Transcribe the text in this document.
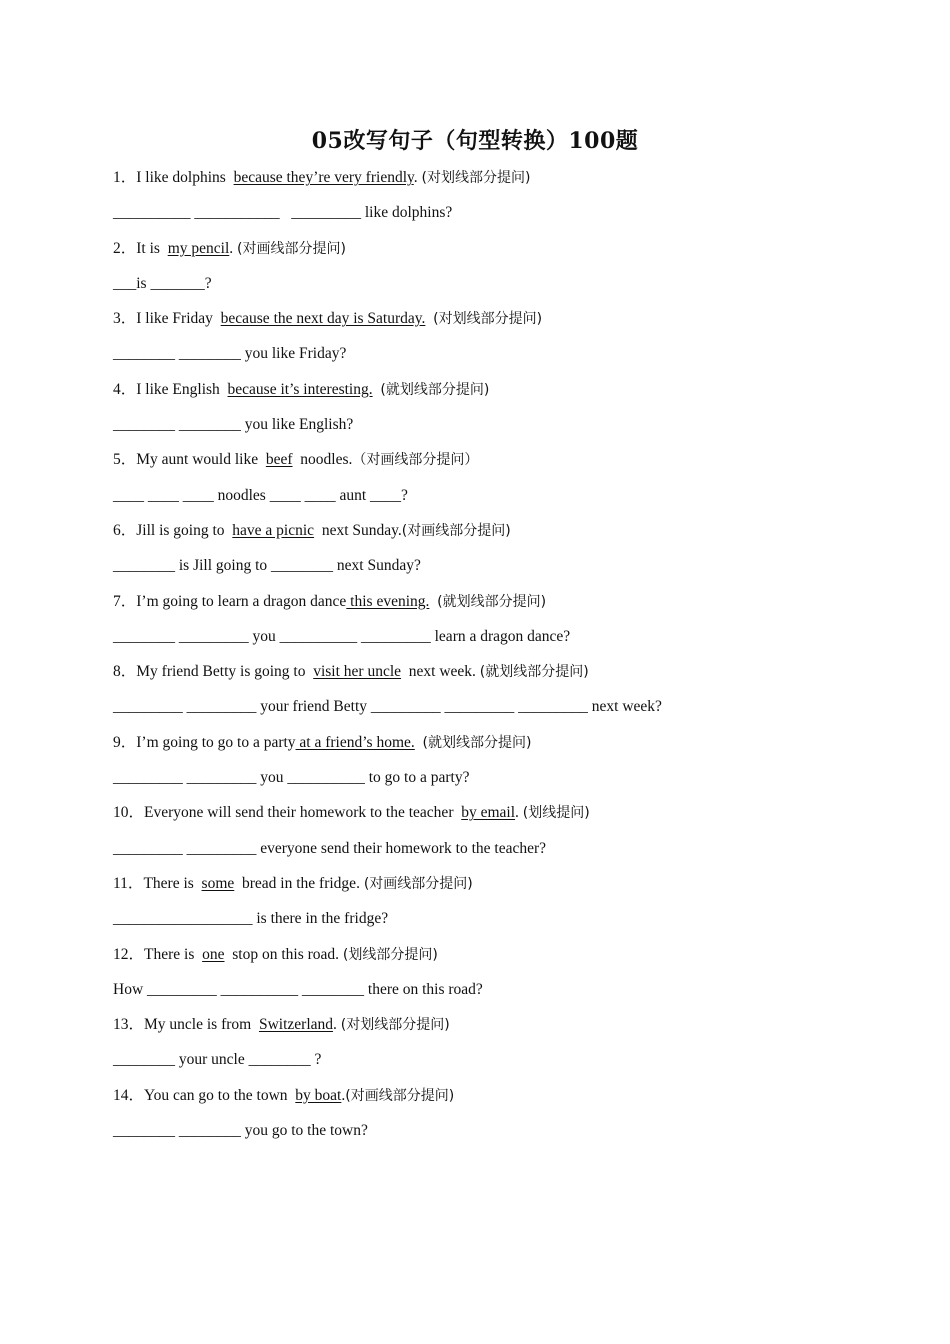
05改写句子（句型转换）100题
1．I like dolphins  because they’re very friendly. (对划线部分提问)
__________ ___________   _________ like dolphins?
2．It is  my pencil. (对画线部分提问)
___is _______?
3．I like Friday  because the next day is Saturday. (对划线部分提问)
________ ________ you like Friday?
4．I like English  because it’s interesting. (就划线部分提问)
________ ________ you like English?
5．My aunt would like  beef  noodles.（对画线部分提问）
____ ____ ____ noodles ____ ____ aunt ____?
6．Jill is going to  have a picnic  next Sunday.(对画线部分提问)
________ is Jill going to ________ next Sunday?
7．I’m going to learn a dragon dance this evening. (就划线部分提问)
________ _________ you __________ _________ learn a dragon dance?
8．My friend Betty is going to  visit her uncle  next week. (就划线部分提问)
_________ _________ your friend Betty _________ _________ _________ next week?
9．I’m going to go to a party at a friend’s home. (就划线部分提问)
_________ _________ you __________ to go to a party?
10．Everyone will send their homework to the teacher  by email. (划线提问)
_________ _________ everyone send their homework to the teacher?
11．There is  some  bread in the fridge. (对画线部分提问)
__________________ is there in the fridge?
12．There is  one  stop on this road. (划线部分提问)
How _________ __________ ________ there on this road?
13．My uncle is from  Switzerland. (对划线部分提问)
________ your uncle ________ ?
14．You can go to the town  by boat.(对画线部分提问)
________ ________ you go to the town?
